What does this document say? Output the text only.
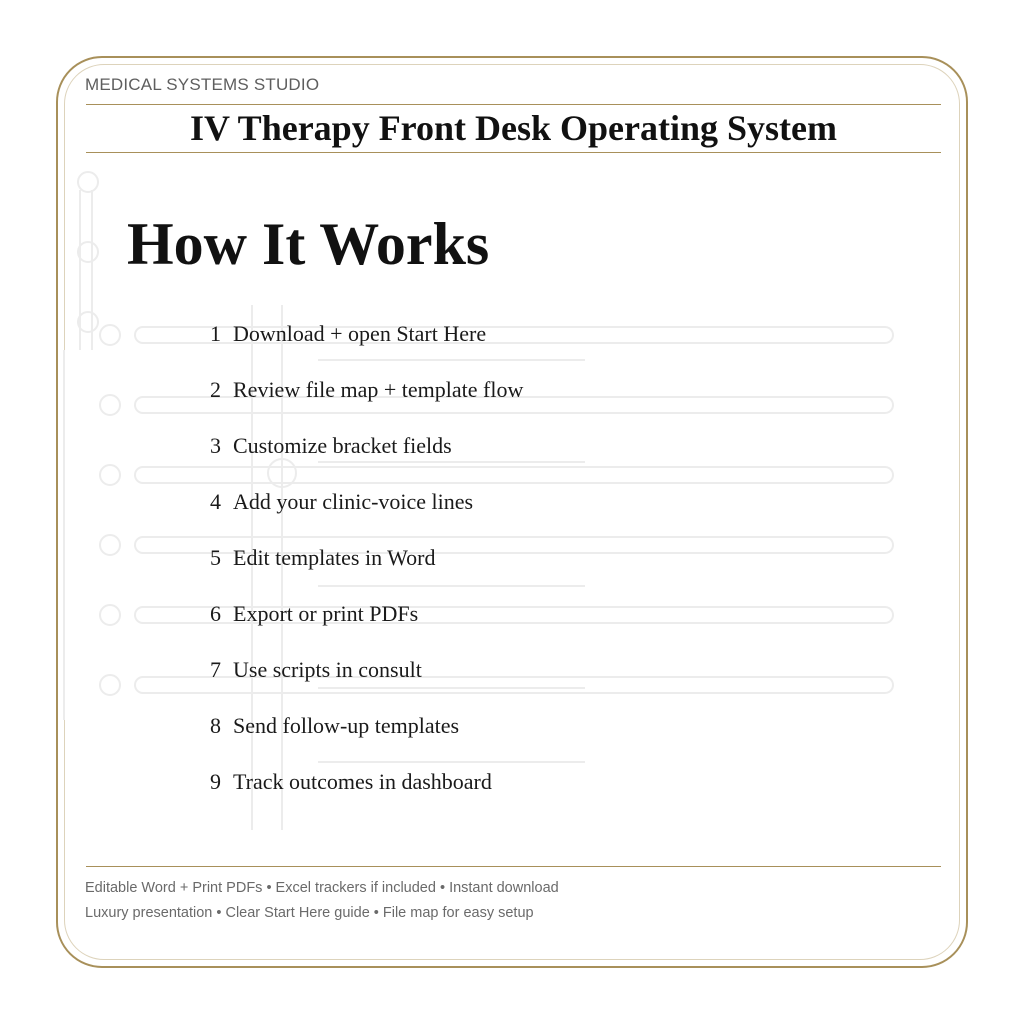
MEDICAL SYSTEMS STUDIO
IV Therapy Front Desk Operating System
How It Works
1 Download + open Start Here
2 Review file map + template flow
3 Customize bracket fields
4 Add your clinic-voice lines
5 Edit templates in Word
6 Export or print PDFs
7 Use scripts in consult
8 Send follow-up templates
9 Track outcomes in dashboard
Editable Word + Print PDFs • Excel trackers if included • Instant download
Luxury presentation • Clear Start Here guide • File map for easy setup
